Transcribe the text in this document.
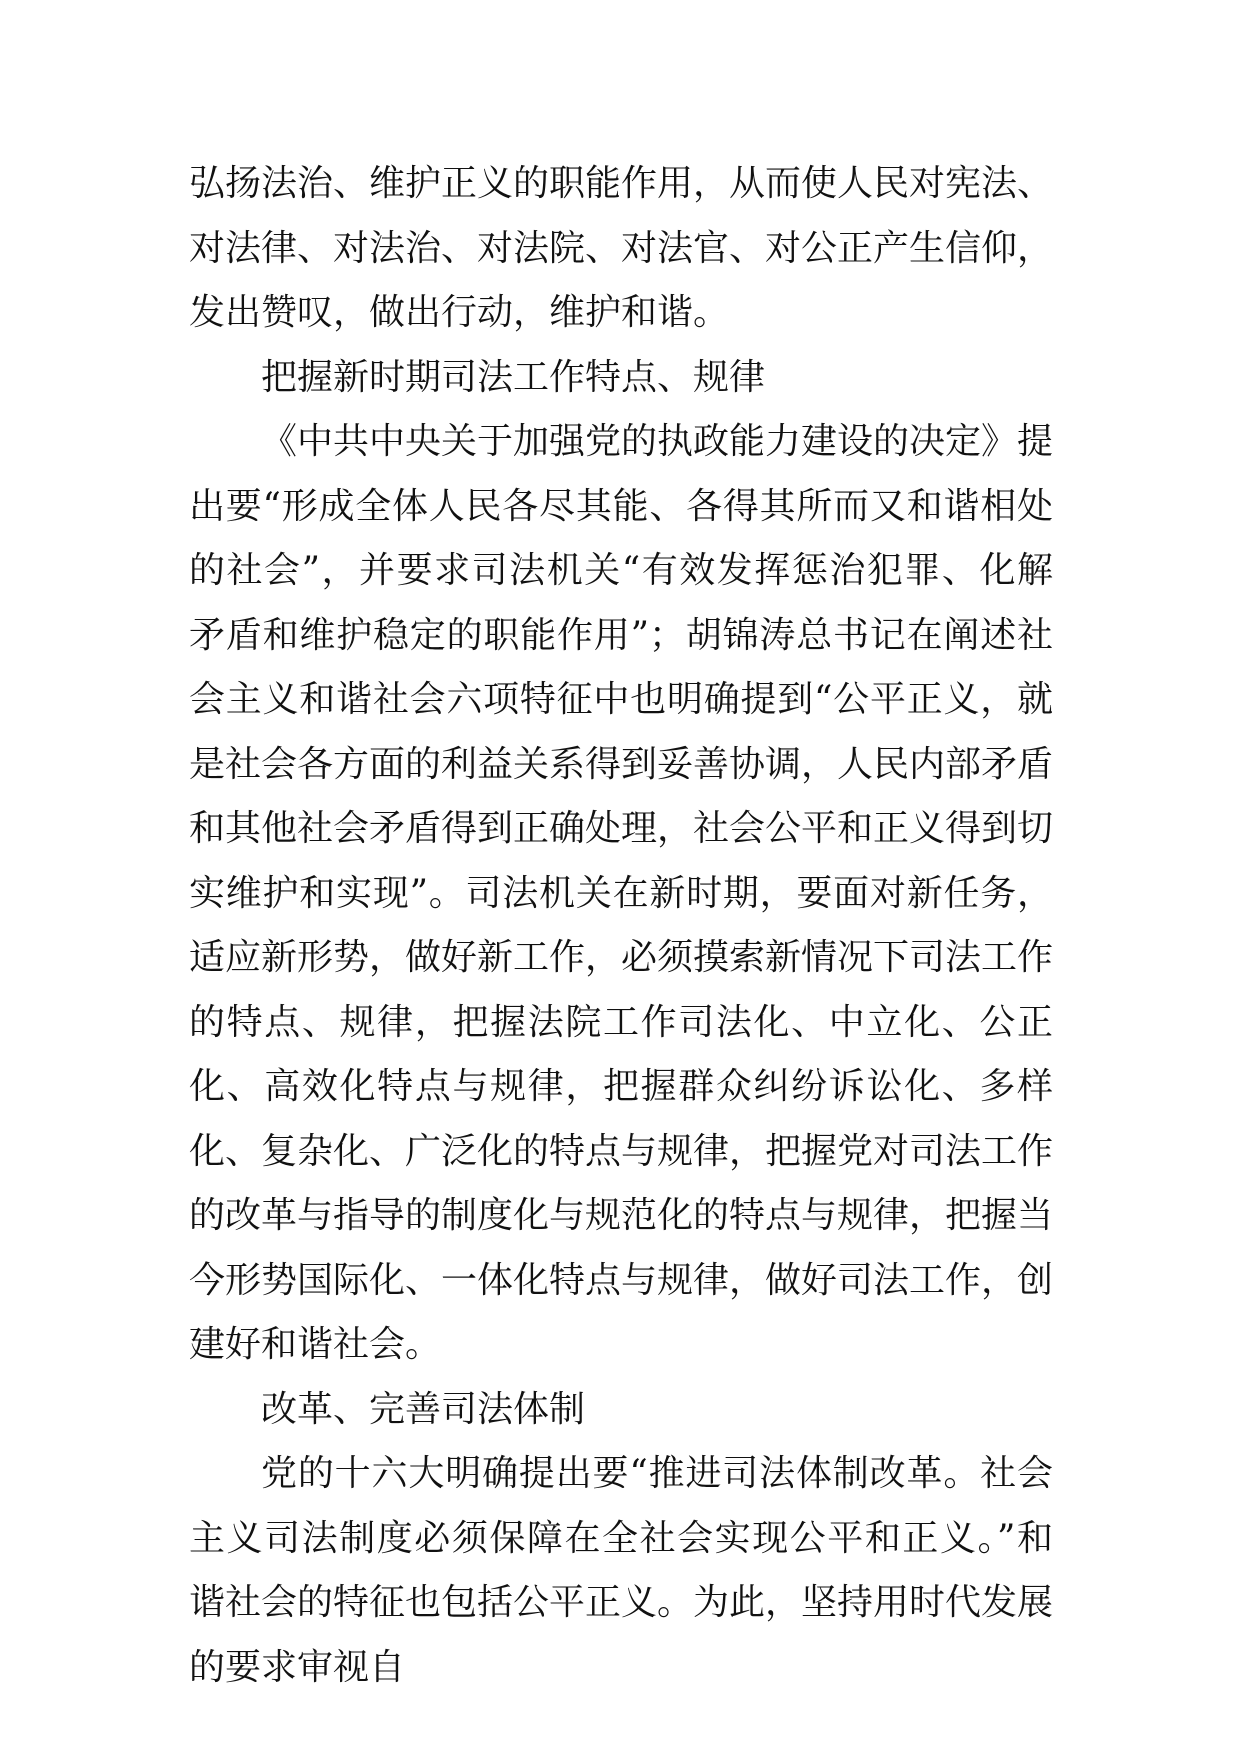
弘扬法治、维护正义的职能作用，从而使人民对宪法、对法律、对法治、对法院、对法官、对公正产生信仰，发出赞叹，做出行动，维护和谐。

把握新时期司法工作特点、规律

《中共中央关于加强党的执政能力建设的决定》提出要“形成全体人民各尽其能、各得其所而又和谐相处的社会”，并要求司法机关“有效发挥惩治犯罪、化解矛盾和维护稳定的职能作用”；胡锦涛总书记在阐述社会主义和谐社会六项特征中也明确提到“公平正义，就是社会各方面的利益关系得到妥善协调，人民内部矛盾和其他社会矛盾得到正确处理，社会公平和正义得到切实维护和实现”。司法机关在新时期，要面对新任务，适应新形势，做好新工作，必须摸索新情况下司法工作的特点、规律，把握法院工作司法化、中立化、公正化、高效化特点与规律，把握群众纠纷诉讼化、多样化、复杂化、广泛化的特点与规律，把握党对司法工作的改革与指导的制度化与规范化的特点与规律，把握当今形势国际化、一体化特点与规律，做好司法工作，创建好和谐社会。

改革、完善司法体制

党的十六大明确提出要“推进司法体制改革。社会主义司法制度必须保障在全社会实现公平和正义。”和谐社会的特征也包括公平正义。为此，坚持用时代发展的要求审视自
